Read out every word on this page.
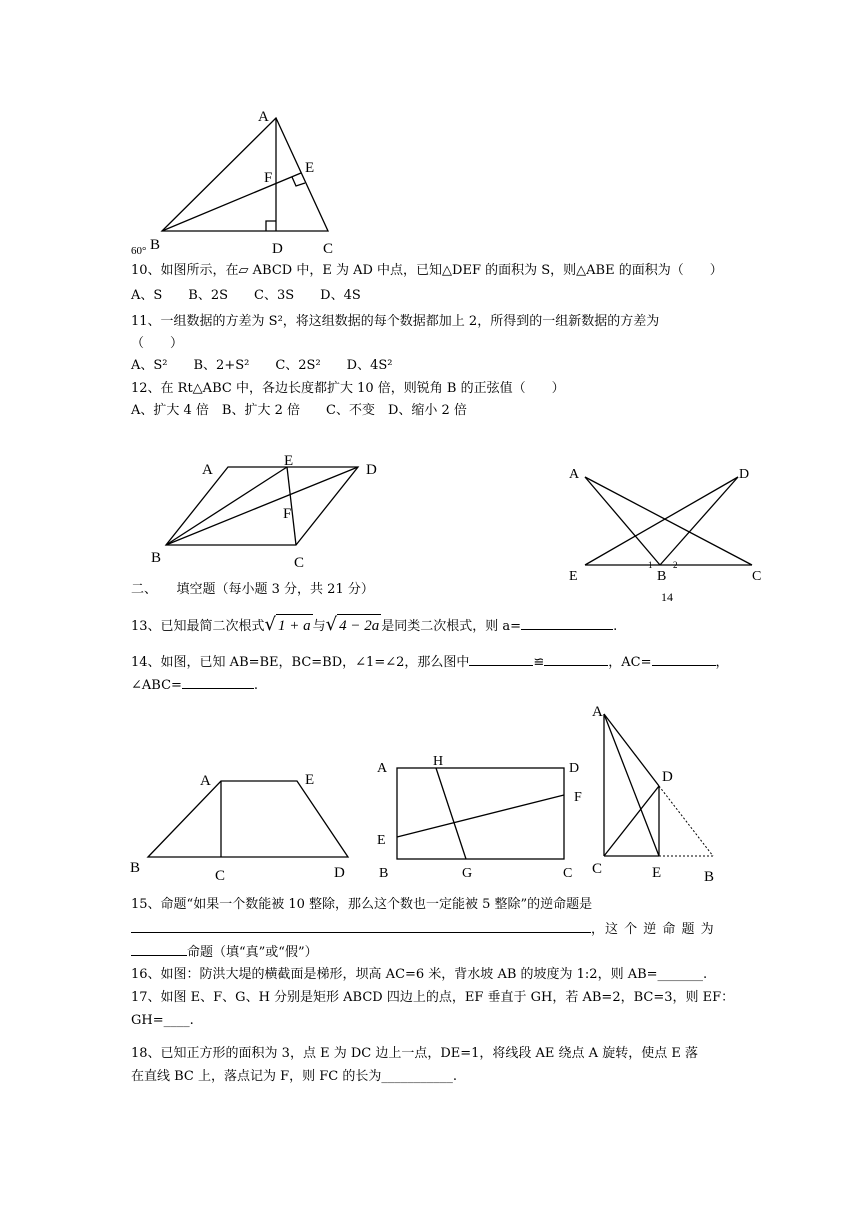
A
F
E
B	D	C
60°
A
E
D
F
B	C
A	D
E	B	C
1 2
14
A	E
B	C	D
A	H	D
F
E
B	G	C
A
D
C	E	B
10、如图所示，在▱ ABCD 中，E 为 AD 中点，已知△DEF 的面积为 S，则△ABE 的面积为（　　）
A、S　　B、2S　　C、3S　　D、4S
11、一组数据的方差为 S²，将这组数据的每个数据都加上 2，所得到的一组新数据的方差为
（　　）
A、S²　　B、2+S²　　C、2S²　　D、4S²
12、在 Rt△ABC 中，各边长度都扩大 10 倍，则锐角 B 的正弦值（　　）
A、扩大 4 倍　B、扩大 2 倍　　C、不变　D、缩小 2 倍
二、　　填空题（每小题 3 分，共 21 分）
13、已知最简二次根式√ 1 + a 与√ 4 − 2a 是同类二次根式，则 a=	.
14、如图，已知 AB=BE，BC=BD，∠1=∠2，那么图中	≌	，AC=	，
∠ABC=	.
15、命题“如果一个数能被 10 整除，那么这个数也一定能被 5 整除”的逆命题是
，这 个 逆 命 题 为
命题（填“真”或“假”）
16、如图：防洪大堤的横截面是梯形，坝高 AC=6 米，背水坡 AB 的坡度为 1:2，则 AB=_______.
17、如图 E、F、G、H 分别是矩形 ABCD 四边上的点，EF 垂直于 GH，若 AB=2，BC=3，则 EF：
GH=____.
18、已知正方形的面积为 3，点 E 为 DC 边上一点，DE=1，将线段 AE 绕点 A 旋转，使点 E 落
在直线 BC 上，落点记为 F，则 FC 的长为___________.
